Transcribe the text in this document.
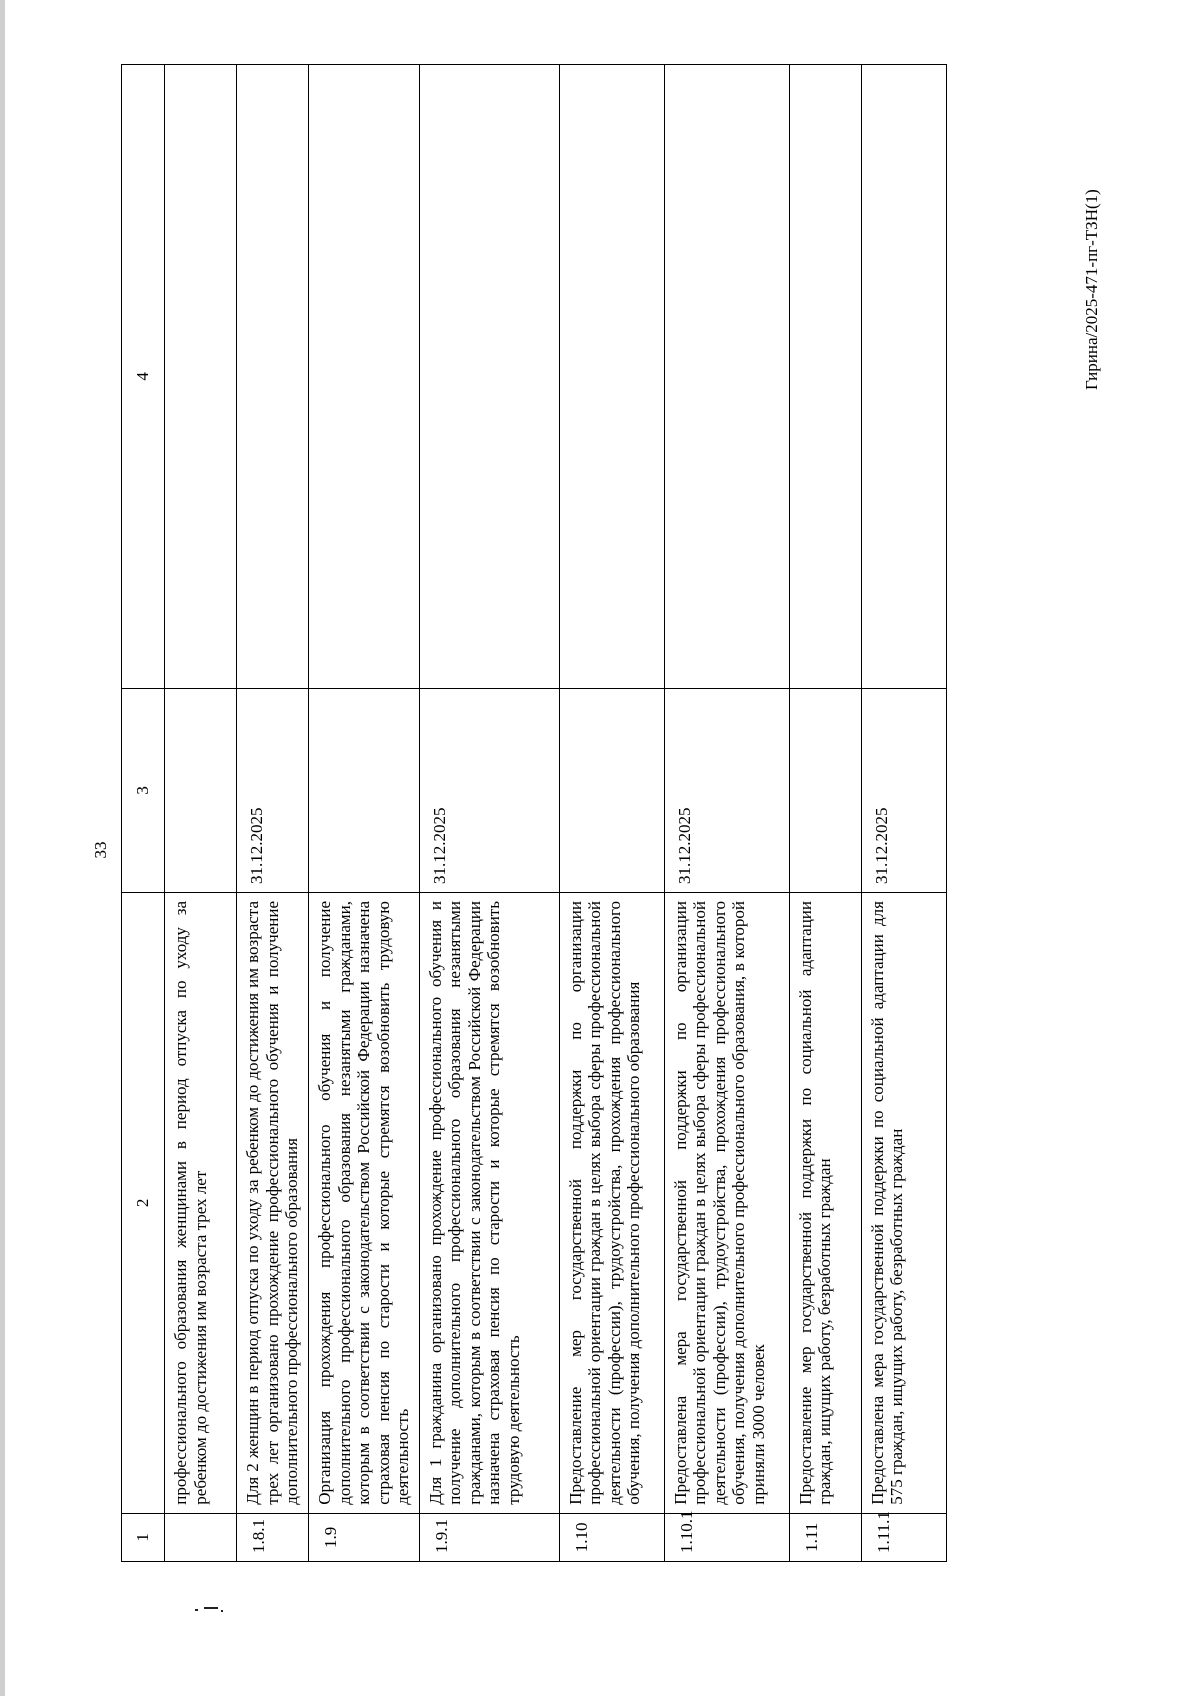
33
Гирина/2025-471-пг-ТЗН(1)
1	2	3	4
	профессионального образования женщинами в период отпуска по уходу за ребенком до достижения им возраста трех лет		
1.8.1	Для 2 женщин в период отпуска по уходу за ребенком до достижения им возраста трех лет организовано прохождение профессионального обучения и получение дополнительного профессионального образования	31.12.2025	
1.9	Организация прохождения профессионального обучения и получение дополнительного профессионального образования незанятыми гражданами, которым в соответствии с законодательством Российской Федерации назначена страховая пенсия по старости и которые стремятся возобновить трудовую деятельность		
1.9.1	Для 1 гражданина организовано прохождение профессионального обучения и получение дополнительного профессионального образования незанятыми гражданами, которым в соответствии с законодательством Российской Федерации назначена страховая пенсия по старости и которые стремятся возобновить трудовую деятельность	31.12.2025	
1.10	Предоставление мер государственной поддержки по организации профессиональной ориентации граждан в целях выбора сферы профессиональной деятельности (профессии), трудоустройства, прохождения профессионального обучения, получения дополнительного профессионального образования		
1.10.1	Предоставлена мера государственной поддержки по организации профессиональной ориентации граждан в целях выбора сферы профессиональной деятельности (профессии), трудоустройства, прохождения профессионального обучения, получения дополнительного профессионального образования, в которой приняли 3000 человек	31.12.2025	
1.11	Предоставление мер государственной поддержки по социальной адаптации граждан, ищущих работу, безработных граждан		
1.11.1	Предоставлена мера государственной поддержки по социальной адаптации для 575 граждан, ищущих работу, безработных граждан	31.12.2025	
